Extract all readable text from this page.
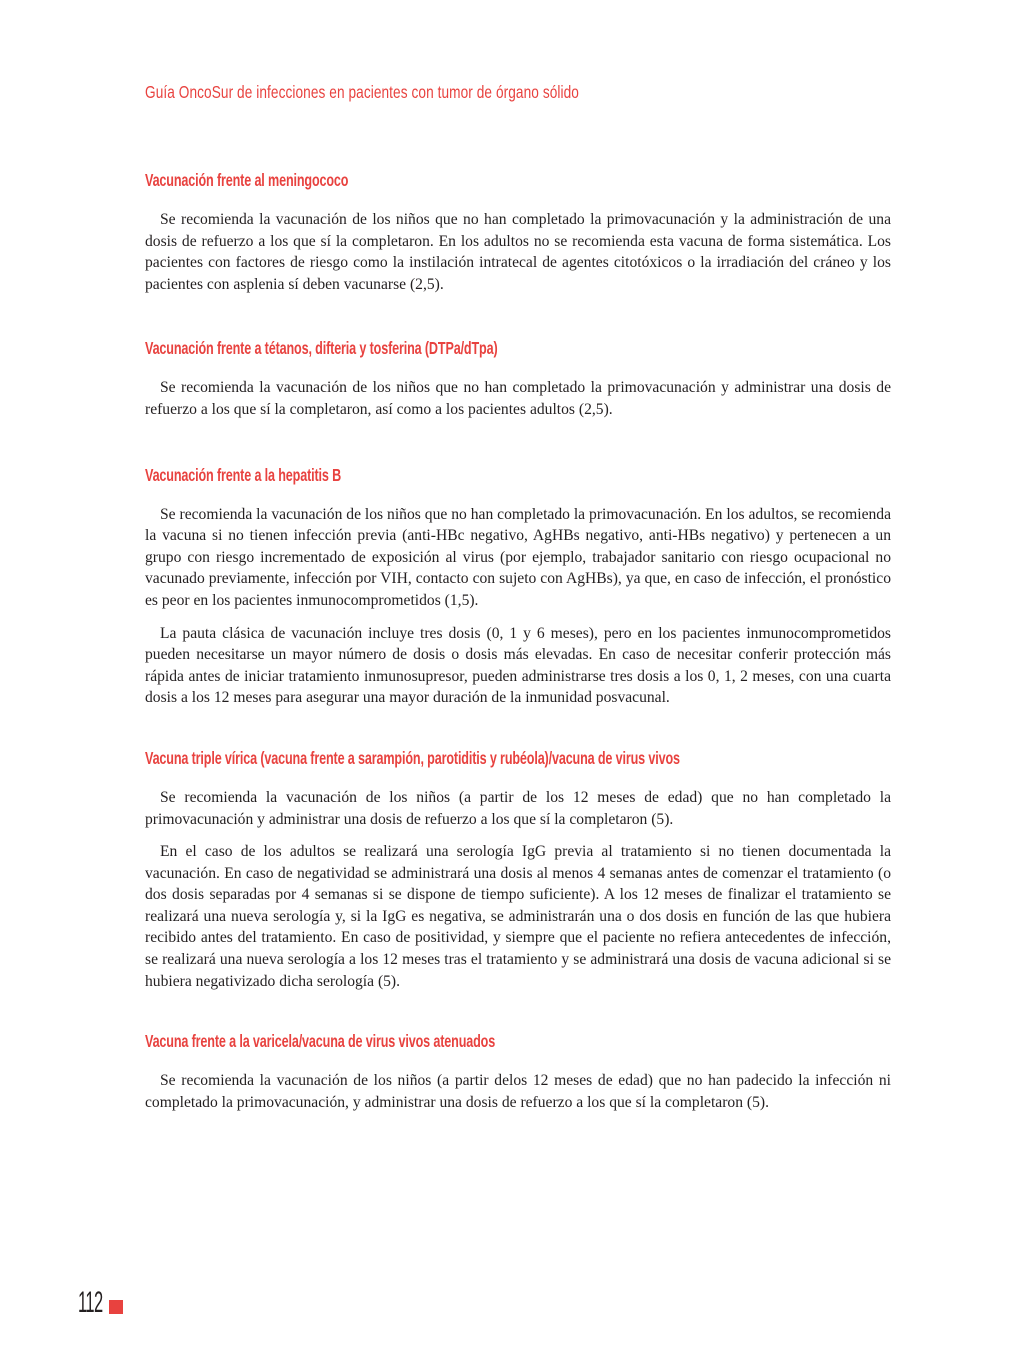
Guía OncoSur de infecciones en pacientes con tumor de órgano sólido
Vacunación frente al meningococo

Se recomienda la vacunación de los niños que no han completado la primovacunación y la administración de una dosis de refuerzo a los que sí la completaron. En los adultos no se recomienda esta vacuna de forma sistemática. Los pacientes con factores de riesgo como la instilación intratecal de agentes citotóxicos o la irradiación del cráneo y los pacientes con asplenia sí deben vacunarse (2,5).

Vacunación frente a tétanos, difteria y tosferina (DTPa/dTpa)

Se recomienda la vacunación de los niños que no han completado la primovacunación y administrar una dosis de refuerzo a los que sí la completaron, así como a los pacientes adultos (2,5).

Vacunación frente a la hepatitis B

Se recomienda la vacunación de los niños que no han completado la primovacunación. En los adultos, se recomienda la vacuna si no tienen infección previa (anti-HBc negativo, AgHBs negativo, anti-HBs negativo) y pertenecen a un grupo con riesgo incrementado de exposición al virus (por ejemplo, trabajador sanitario con riesgo ocupacional no vacunado previamente, infección por VIH, contacto con sujeto con AgHBs), ya que, en caso de infección, el pronóstico es peor en los pacientes inmunocomprometidos (1,5).

La pauta clásica de vacunación incluye tres dosis (0, 1 y 6 meses), pero en los pacientes inmunocomprometidos pueden necesitarse un mayor número de dosis o dosis más elevadas. En caso de necesitar conferir protección más rápida antes de iniciar tratamiento inmunosupresor, pueden administrarse tres dosis a los 0, 1, 2 meses, con una cuarta dosis a los 12 meses para asegurar una mayor duración de la inmunidad posvacunal.

Vacuna triple vírica (vacuna frente a sarampión, parotiditis y rubéola)/vacuna de virus vivos

Se recomienda la vacunación de los niños (a partir de los 12 meses de edad) que no han completado la primovacunación y administrar una dosis de refuerzo a los que sí la completaron (5).

En el caso de los adultos se realizará una serología IgG previa al tratamiento si no tienen documentada la vacunación. En caso de negatividad se administrará una dosis al menos 4 semanas antes de comenzar el tratamiento (o dos dosis separadas por 4 semanas si se dispone de tiempo suficiente). A los 12 meses de finalizar el tratamiento se realizará una nueva serología y, si la IgG es negativa, se administrarán una o dos dosis en función de las que hubiera recibido antes del tratamiento. En caso de positividad, y siempre que el paciente no refiera antecedentes de infección, se realizará una nueva serología a los 12 meses tras el tratamiento y se administrará una dosis de vacuna adicional si se hubiera negativizado dicha serología (5).

Vacuna frente a la varicela/vacuna de virus vivos atenuados

Se recomienda la vacunación de los niños (a partir delos 12 meses de edad) que no han padecido la infección ni completado la primovacunación, y administrar una dosis de refuerzo a los que sí la completaron (5).

112
